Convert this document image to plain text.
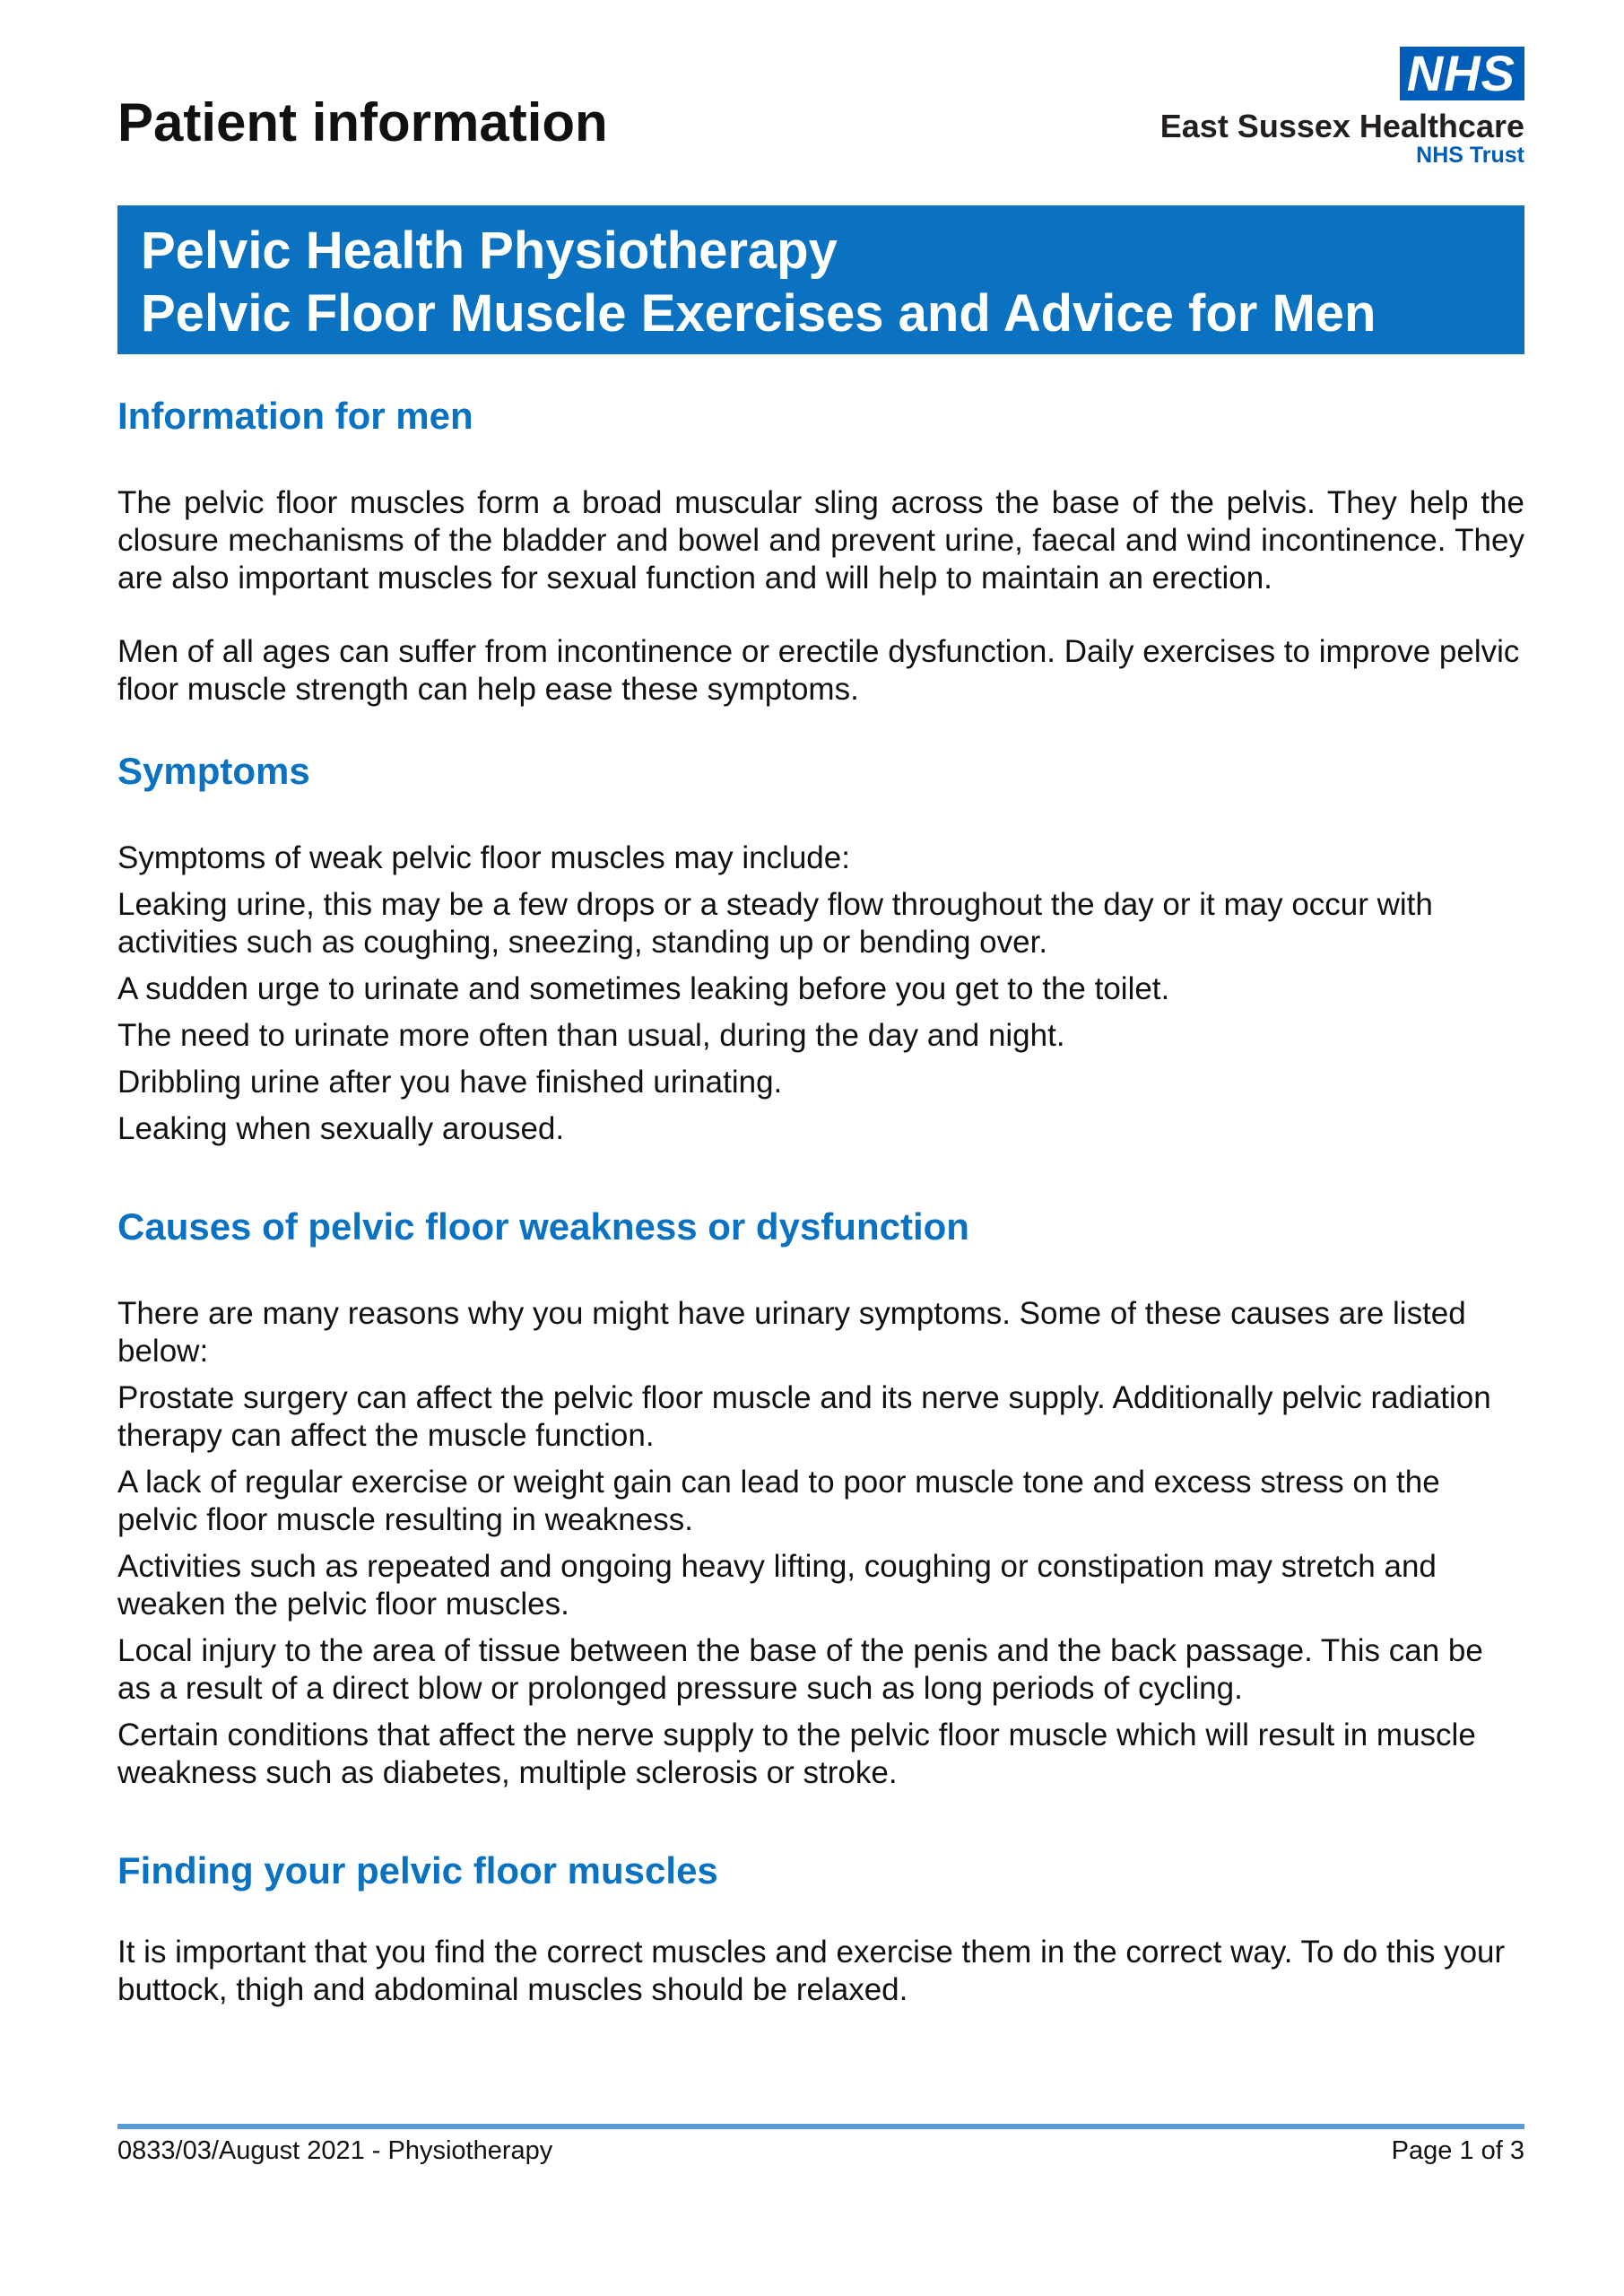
Patient information
NHS
East Sussex Healthcare
NHS Trust
Pelvic Health Physiotherapy
Pelvic Floor Muscle Exercises and Advice for Men
Information for men

The pelvic floor muscles form a broad muscular sling across the base of the pelvis. They help the closure mechanisms of the bladder and bowel and prevent urine, faecal and wind incontinence. They are also important muscles for sexual function and will help to maintain an erection.

Men of all ages can suffer from incontinence or erectile dysfunction. Daily exercises to improve pelvic floor muscle strength can help ease these symptoms.

Symptoms

Symptoms of weak pelvic floor muscles may include:

Leaking urine, this may be a few drops or a steady flow throughout the day or it may occur with activities such as coughing, sneezing, standing up or bending over.

A sudden urge to urinate and sometimes leaking before you get to the toilet.

The need to urinate more often than usual, during the day and night.

Dribbling urine after you have finished urinating.

Leaking when sexually aroused.

Causes of pelvic floor weakness or dysfunction

There are many reasons why you might have urinary symptoms. Some of these causes are listed below:

Prostate surgery can affect the pelvic floor muscle and its nerve supply. Additionally pelvic radiation therapy can affect the muscle function.

A lack of regular exercise or weight gain can lead to poor muscle tone and excess stress on the pelvic floor muscle resulting in weakness.

Activities such as repeated and ongoing heavy lifting, coughing or constipation may stretch and weaken the pelvic floor muscles.

Local injury to the area of tissue between the base of the penis and the back passage. This can be as a result of a direct blow or prolonged pressure such as long periods of cycling.

Certain conditions that affect the nerve supply to the pelvic floor muscle which will result in muscle weakness such as diabetes, multiple sclerosis or stroke.

Finding your pelvic floor muscles

It is important that you find the correct muscles and exercise them in the correct way. To do this your buttock, thigh and abdominal muscles should be relaxed.

0833/03/August 2021 - Physiotherapy	Page 1 of 3
